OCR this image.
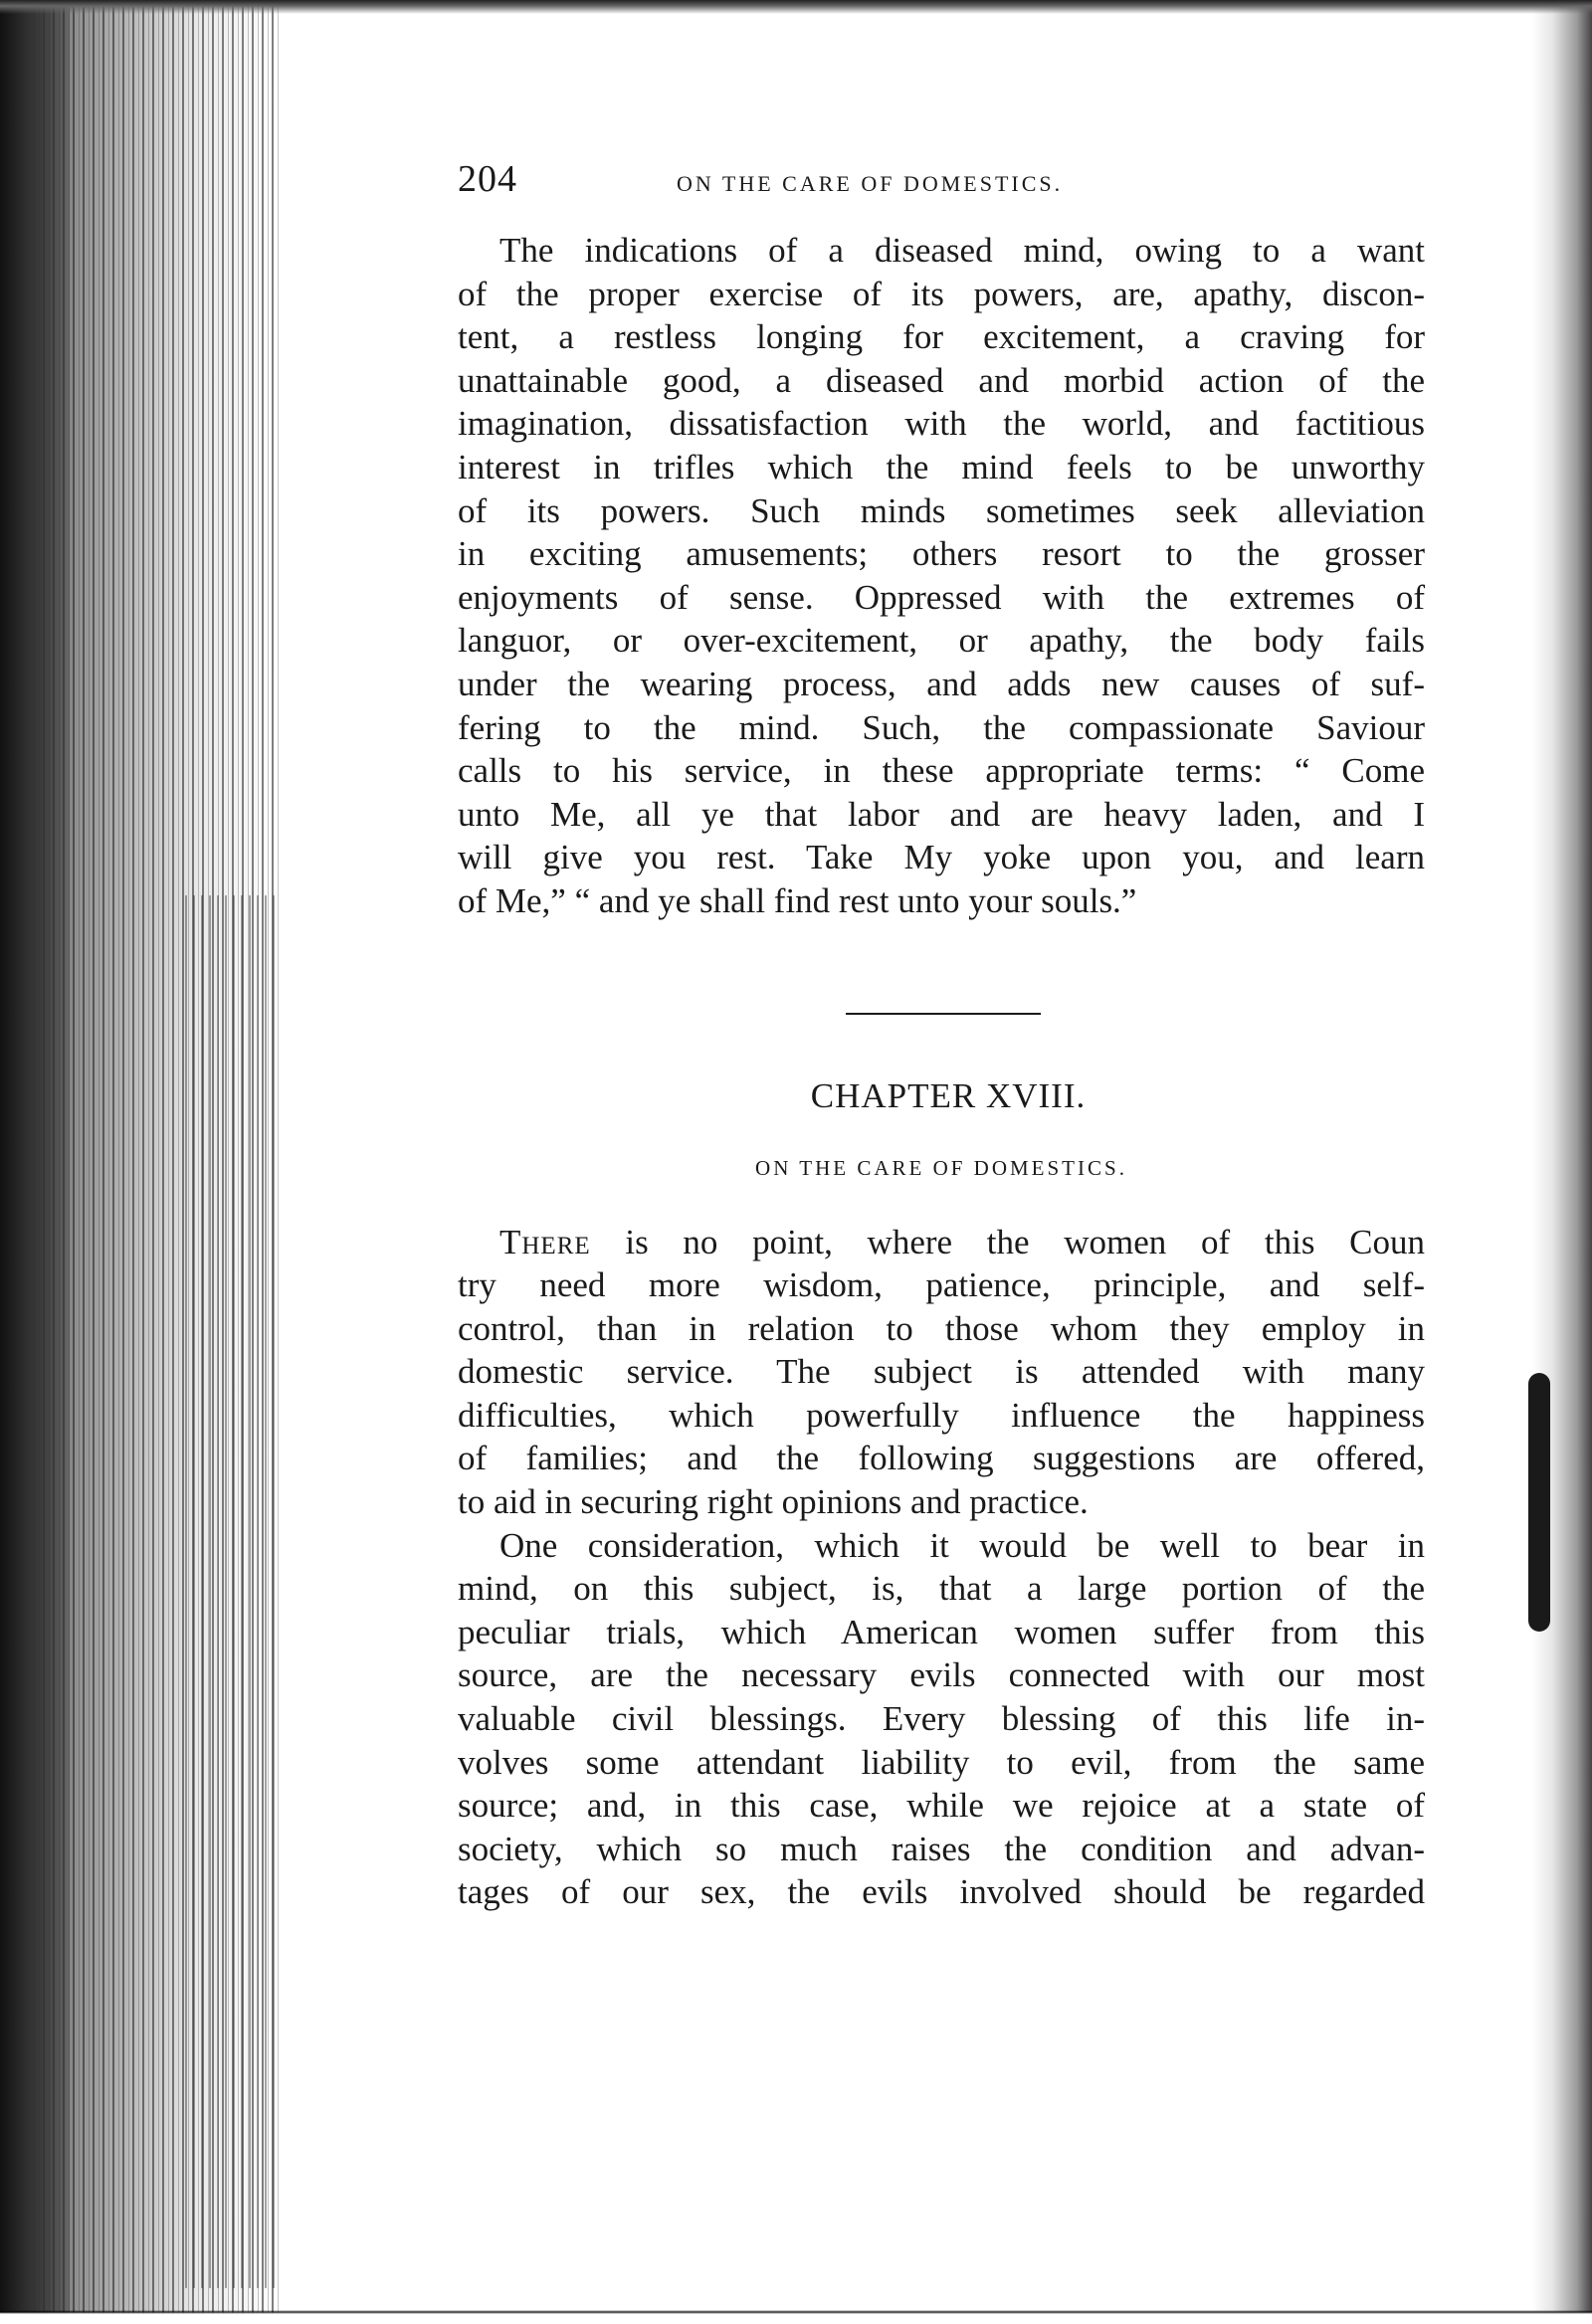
204	ON THE CARE OF DOMESTICS.
The indications of a diseased mind, owing to a want
of the proper exercise of its powers, are, apathy, discon-
tent, a restless longing for excitement, a craving for
unattainable good, a diseased and morbid action of the
imagination, dissatisfaction with the world, and factitious
interest in trifles which the mind feels to be unworthy
of its powers. Such minds sometimes seek alleviation
in exciting amusements; others resort to the grosser
enjoyments of sense. Oppressed with the extremes of
languor, or over-excitement, or apathy, the body fails
under the wearing process, and adds new causes of suf-
fering to the mind. Such, the compassionate Saviour
calls to his service, in these appropriate terms: “ Come
unto Me, all ye that labor and are heavy laden, and I
will give you rest. Take My yoke upon you, and learn
of Me,” “ and ye shall find rest unto your souls.”
CHAPTER XVIII.
ON THE CARE OF DOMESTICS.
There is no point, where the women of this Coun
try need more wisdom, patience, principle, and self-
control, than in relation to those whom they employ in
domestic service. The subject is attended with many
difficulties, which powerfully influence the happiness
of families; and the following suggestions are offered,
to aid in securing right opinions and practice.
One consideration, which it would be well to bear in
mind, on this subject, is, that a large portion of the
peculiar trials, which American women suffer from this
source, are the necessary evils connected with our most
valuable civil blessings. Every blessing of this life in-
volves some attendant liability to evil, from the same
source; and, in this case, while we rejoice at a state of
society, which so much raises the condition and advan-
tages of our sex, the evils involved should be regarded
